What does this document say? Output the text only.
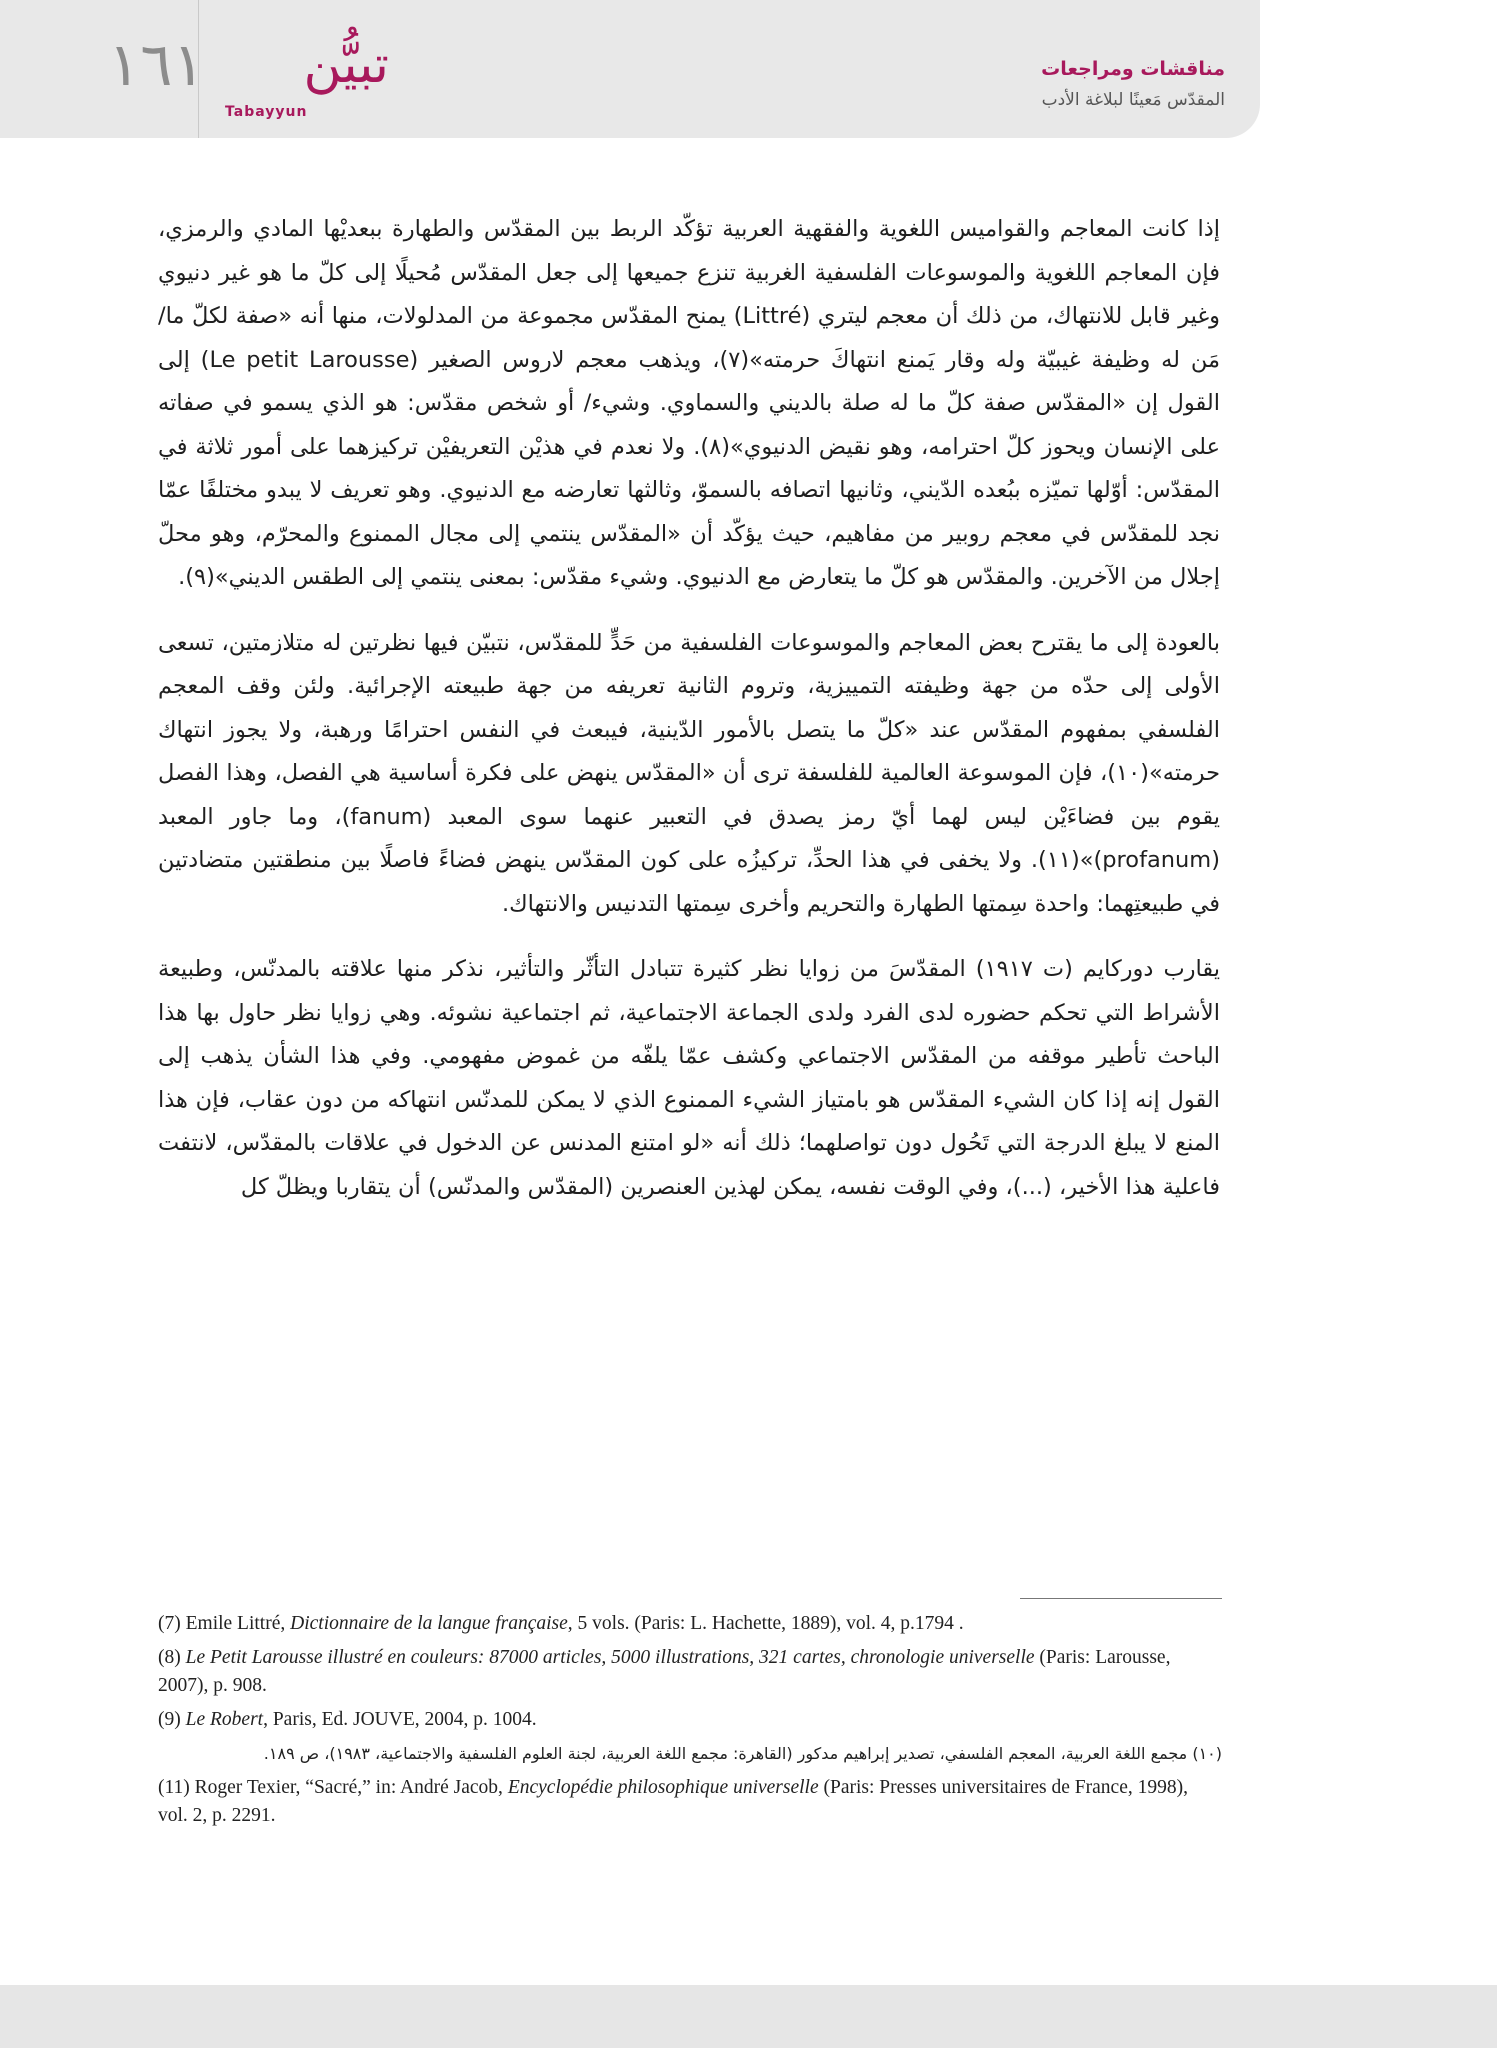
١٦١ تبيُّن
Tabayyun
مناقشات ومراجعات
المقدّس مَعينًا لبلاغة الأدب

إذا كانت المعاجم والقواميس اللغوية والفقهية العربية تؤكّد الربط بين المقدّس والطهارة ببعديْها المادي والرمزي، فإن المعاجم اللغوية والموسوعات الفلسفية الغربية تنزع جميعها إلى جعل المقدّس مُحيلًا إلى كلّ ما هو غير دنيوي وغير قابل للانتهاك، من ذلك أن معجم ليتري (Littré) يمنح المقدّس مجموعة من المدلولات، منها أنه «صفة لكلّ ما/ مَن له وظيفة غيبيّة وله وقار يَمنع انتهاكَ حرمته»(٧)، ويذهب معجم لاروس الصغير (Le petit Larousse) إلى القول إن «المقدّس صفة كلّ ما له صلة بالديني والسماوي. وشيء/ أو شخص مقدّس: هو الذي يسمو في صفاته على الإنسان ويحوز كلّ احترامه، وهو نقيض الدنيوي»(٨). ولا نعدم في هذيْن التعريفيْن تركيزهما على أمور ثلاثة في المقدّس: أوّلها تميّزه ببُعده الدّيني، وثانيها اتصافه بالسموّ، وثالثها تعارضه مع الدنيوي. وهو تعريف لا يبدو مختلفًا عمّا نجد للمقدّس في معجم روبير من مفاهيم، حيث يؤكّد أن «المقدّس ينتمي إلى مجال الممنوع والمحرّم، وهو محلّ إجلال من الآخرين. والمقدّس هو كلّ ما يتعارض مع الدنيوي. وشيء مقدّس: بمعنى ينتمي إلى الطقس الديني»(٩).

بالعودة إلى ما يقترح بعض المعاجم والموسوعات الفلسفية من حَدٍّ للمقدّس، نتبيّن فيها نظرتين له متلازمتين، تسعى الأولى إلى حدّه من جهة وظيفته التمييزية، وتروم الثانية تعريفه من جهة طبيعته الإجرائية. ولئن وقف المعجم الفلسفي بمفهوم المقدّس عند «كلّ ما يتصل بالأمور الدّينية، فيبعث في النفس احترامًا ورهبة، ولا يجوز انتهاك حرمته»(١٠)، فإن الموسوعة العالمية للفلسفة ترى أن «المقدّس ينهض على فكرة أساسية هي الفصل، وهذا الفصل يقوم بين فضاءَيْن ليس لهما أيّ رمز يصدق في التعبير عنهما سوى المعبد (fanum)، وما جاور المعبد (profanum)»(١١). ولا يخفى في هذا الحدِّ، تركيزُه على كون المقدّس ينهض فضاءً فاصلًا بين منطقتين متضادتين في طبيعتِهما: واحدة سِمتها الطهارة والتحريم وأخرى سِمتها التدنيس والانتهاك.

يقارب دوركايم (ت ١٩١٧) المقدّسَ من زوايا نظر كثيرة تتبادل التأثّر والتأثير، نذكر منها علاقته بالمدنّس، وطبيعة الأشراط التي تحكم حضوره لدى الفرد ولدى الجماعة الاجتماعية، ثم اجتماعية نشوئه. وهي زوايا نظر حاول بها هذا الباحث تأطير موقفه من المقدّس الاجتماعي وكشف عمّا يلفّه من غموض مفهومي. وفي هذا الشأن يذهب إلى القول إنه إذا كان الشيء المقدّس هو بامتياز الشيء الممنوع الذي لا يمكن للمدنّس انتهاكه من دون عقاب، فإن هذا المنع لا يبلغ الدرجة التي تَحُول دون تواصلهما؛ ذلك أنه «لو امتنع المدنس عن الدخول في علاقات بالمقدّس، لانتفت فاعلية هذا الأخير، (...)، وفي الوقت نفسه، يمكن لهذين العنصرين (المقدّس والمدنّس) أن يتقاربا ويظلّ كل

(7) Emile Littré, Dictionnaire de la langue française, 5 vols. (Paris: L. Hachette, 1889), vol. 4, p.1794 .

(8) Le Petit Larousse illustré en couleurs: 87000 articles, 5000 illustrations, 321 cartes, chronologie universelle (Paris: Larousse, 2007), p. 908.

(9) Le Robert, Paris, Ed. JOUVE, 2004, p. 1004.

(١٠) مجمع اللغة العربية، المعجم الفلسفي، تصدير إبراهيم مدكور (القاهرة: مجمع اللغة العربية، لجنة العلوم الفلسفية والاجتماعية، ١٩٨٣)، ص ١٨٩.

(11) Roger Texier, “Sacré,” in: André Jacob, Encyclopédie philosophique universelle (Paris: Presses universitaires de France, 1998), vol. 2, p. 2291.
